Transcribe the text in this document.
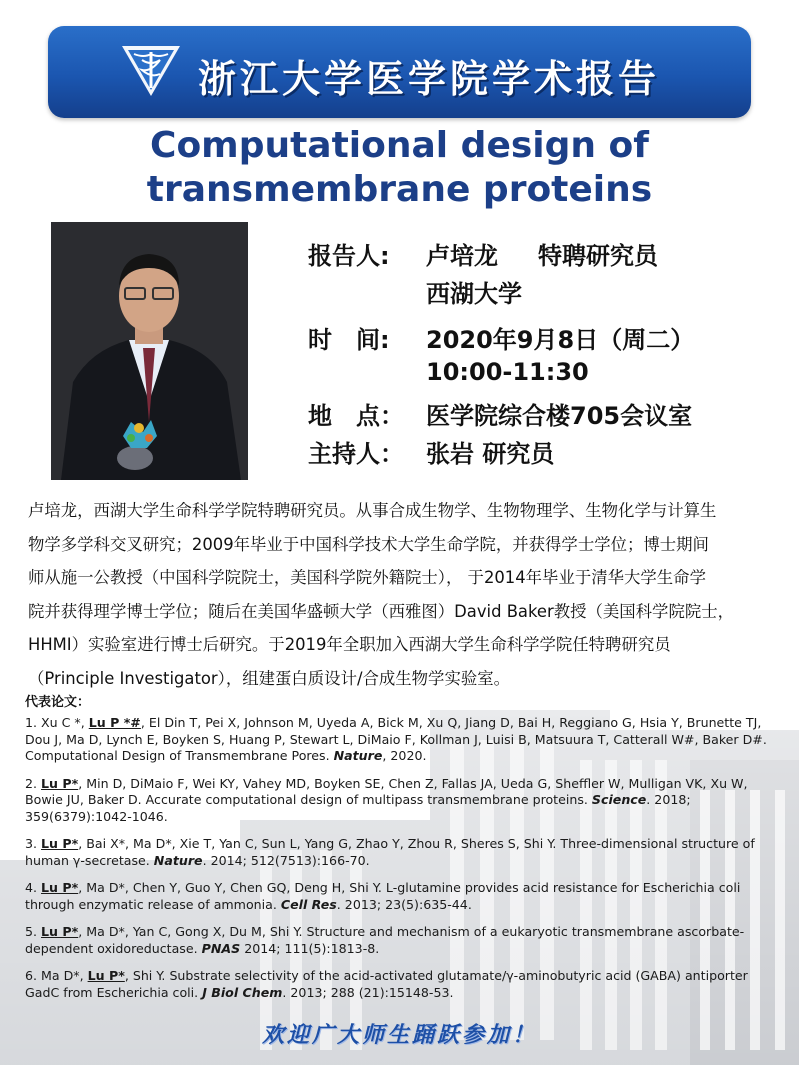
浙江大学医学院学术报告
Computational design of
transmembrane proteins
报告人: 卢培龙 特聘研究员
西湖大学
时　间: 2020年9月8日（周二）
10:00-11:30
地　点： 医学院综合楼705会议室
主持人： 张岩 研究员
卢培龙，西湖大学生命科学学院特聘研究员。从事合成生物学、生物物理学、生物化学与计算生
物学多学科交叉研究；2009年毕业于中国科学技术大学生命学院，并获得学士学位；博士期间
师从施一公教授（中国科学院院士，美国科学院外籍院士）， 于2014年毕业于清华大学生命学
院并获得理学博士学位；随后在美国华盛顿大学（西雅图）David Baker教授（美国科学院院士，
HHMI）实验室进行博士后研究。于2019年全职加入西湖大学生命科学学院任特聘研究员
（Principle Investigator），组建蛋白质设计/合成生物学实验室。
代表论文：
1. Xu C *, Lu P *#, El Din T, Pei X, Johnson M, Uyeda A, Bick M, Xu Q, Jiang D, Bai H, Reggiano G, Hsia Y, Brunette TJ,
Dou J, Ma D, Lynch E, Boyken S, Huang P, Stewart L, DiMaio F, Kollman J, Luisi B, Matsuura T, Catterall W#, Baker D#.
Computational Design of Transmembrane Pores. Nature, 2020.
2. Lu P*, Min D, DiMaio F, Wei KY, Vahey MD, Boyken SE, Chen Z, Fallas JA, Ueda G, Sheffler W, Mulligan VK, Xu W,
Bowie JU, Baker D. Accurate computational design of multipass transmembrane proteins. Science. 2018;
359(6379):1042-1046.
3. Lu P*, Bai X*, Ma D*, Xie T, Yan C, Sun L, Yang G, Zhao Y, Zhou R, Sheres S, Shi Y. Three-dimensional structure of
human γ-secretase. Nature. 2014; 512(7513):166-70.
4. Lu P*, Ma D*, Chen Y, Guo Y, Chen GQ, Deng H, Shi Y. L-glutamine provides acid resistance for Escherichia coli
through enzymatic release of ammonia. Cell Res. 2013; 23(5):635-44.
5. Lu P*, Ma D*, Yan C, Gong X, Du M, Shi Y. Structure and mechanism of a eukaryotic transmembrane ascorbate-
dependent oxidoreductase. PNAS 2014; 111(5):1813-8.
6. Ma D*, Lu P*, Shi Y. Substrate selectivity of the acid-activated glutamate/γ-aminobutyric acid (GABA) antiporter
GadC from Escherichia coli. J Biol Chem. 2013; 288 (21):15148-53.
欢迎广大师生踊跃参加！
